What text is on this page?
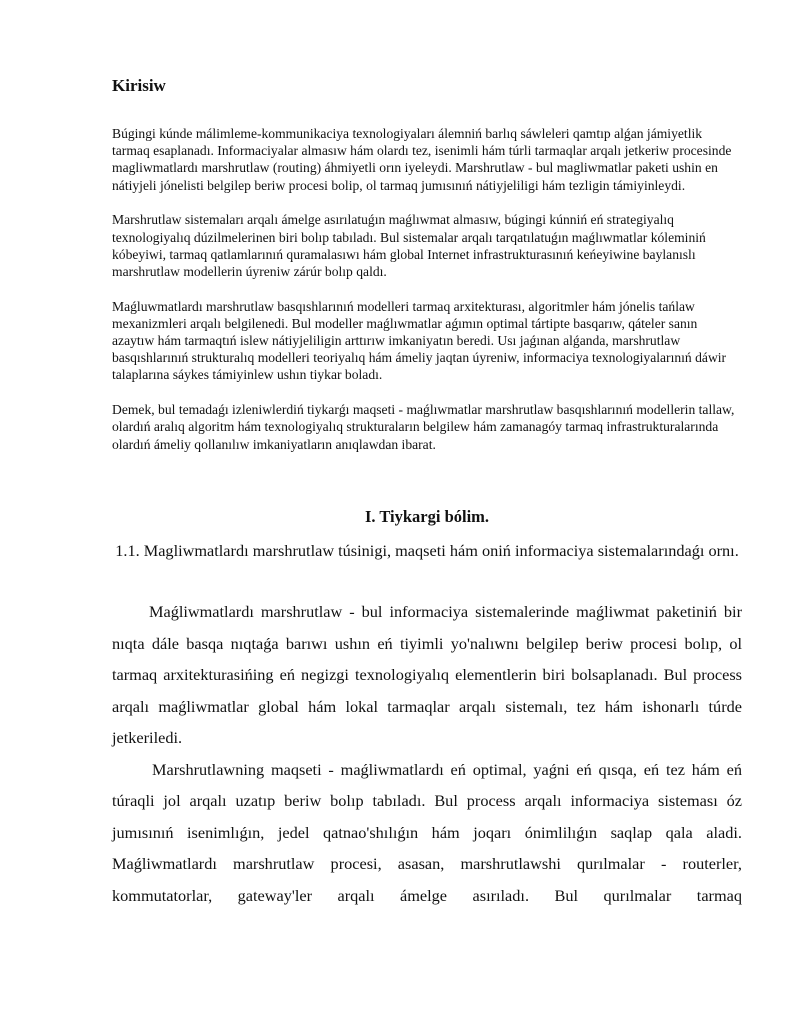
Kirisiw

Búgingi kúnde málimleme-kommunikaciya texnologiyaları álemniń barlıq sáwleleri qamtıp alǵan jámiyetlik tarmaq esaplanadı. Informaciyalar almasıw hám olardı tez, isenimli hám túrli tarmaqlar arqalı jetkeriw procesinde magliwmatlardı marshrutlaw (routing) áhmiyetli orın iyeleydi. Marshrutlaw - bul magliwmatlar paketi ushin en nátiyjeli jónelisti belgilep beriw procesi bolip, ol tarmaq jumısınıń nátiyjeliligi hám tezligin támiyinleydi.

Marshrutlaw sistemaları arqalı ámelge asırılatuǵın maǵlıwmat almasıw, búgingi kúnniń eń strategiyalıq texnologiyalıq dúzilmelerinen biri bolıp tabıladı. Bul sistemalar arqalı tarqatılatuǵın maǵlıwmatlar kóleminiń kóbeyiwi, tarmaq qatlamlarınıń quramalasıwı hám global Internet infrastrukturasınıń keńeyiwine baylanıslı marshrutlaw modellerin úyreniw zárúr bolıp qaldı.

Maǵluwmatlardı marshrutlaw basqıshlarınıń modelleri tarmaq arxitekturası, algoritmler hám jónelis tańlaw mexanizmleri arqalı belgilenedi. Bul modeller maǵlıwmatlar aǵımın optimal tártipte basqarıw, qáteler sanın azaytıw hám tarmaqtıń islew nátiyjeliligin arttırıw imkaniyatın beredi. Usı jaǵınan alǵanda, marshrutlaw basqıshlarınıń strukturalıq modelleri teoriyalıq hám ámeliy jaqtan úyreniw, informaciya texnologiyalarınıń dáwir talaplarına sáykes támiyinlew ushın tiykar boladı.

Demek, bul temadaǵı izleniwlerdiń tiykarǵı maqseti - maǵlıwmatlar marshrutlaw basqıshlarınıń modellerin tallaw, olardıń aralıq algoritm hám texnologiyalıq strukturaların belgilew hám zamanagóy tarmaq infrastrukturalarında olardıń ámeliy qollanılıw imkaniyatların anıqlawdan ibarat.

I. Tiykargi bólim.

1.1. Magliwmatlardı marshrutlaw túsinigi, maqseti hám oniń informaciya sistemalarındaǵı ornı.

Maǵliwmatlardı marshrutlaw - bul informaciya sistemalerinde maǵliwmat paketiniń bir nıqta dále basqa nıqtaǵa barıwı ushın eń tiyimli yo'nalıwnı belgilep beriw procesi bolıp, ol tarmaq arxitekturasińing eń negizgi texnologiyalıq elementlerin biri bolsaplanadı. Bul process arqalı maǵliwmatlar global hám lokal tarmaqlar arqalı sistemalı, tez hám ishonarlı túrde jetkeriledi.

Marshrutlawning maqseti - maǵliwmatlardı eń optimal, yaǵni eń qısqa, eń tez hám eń túraqli jol arqalı uzatıp beriw bolıp tabıladı. Bul process arqalı informaciya sisteması óz jumısınıń isenimlıǵın, jedel qatnao'shılıǵın hám joqarı ónimlilıǵın saqlap qala aladi. Maǵliwmatlardı marshrutlaw procesi, asasan, marshrutlawshi qurılmalar - routerler, kommutatorlar, gateway'ler arqalı ámelge asırıladı. Bul qurılmalar tarmaq
